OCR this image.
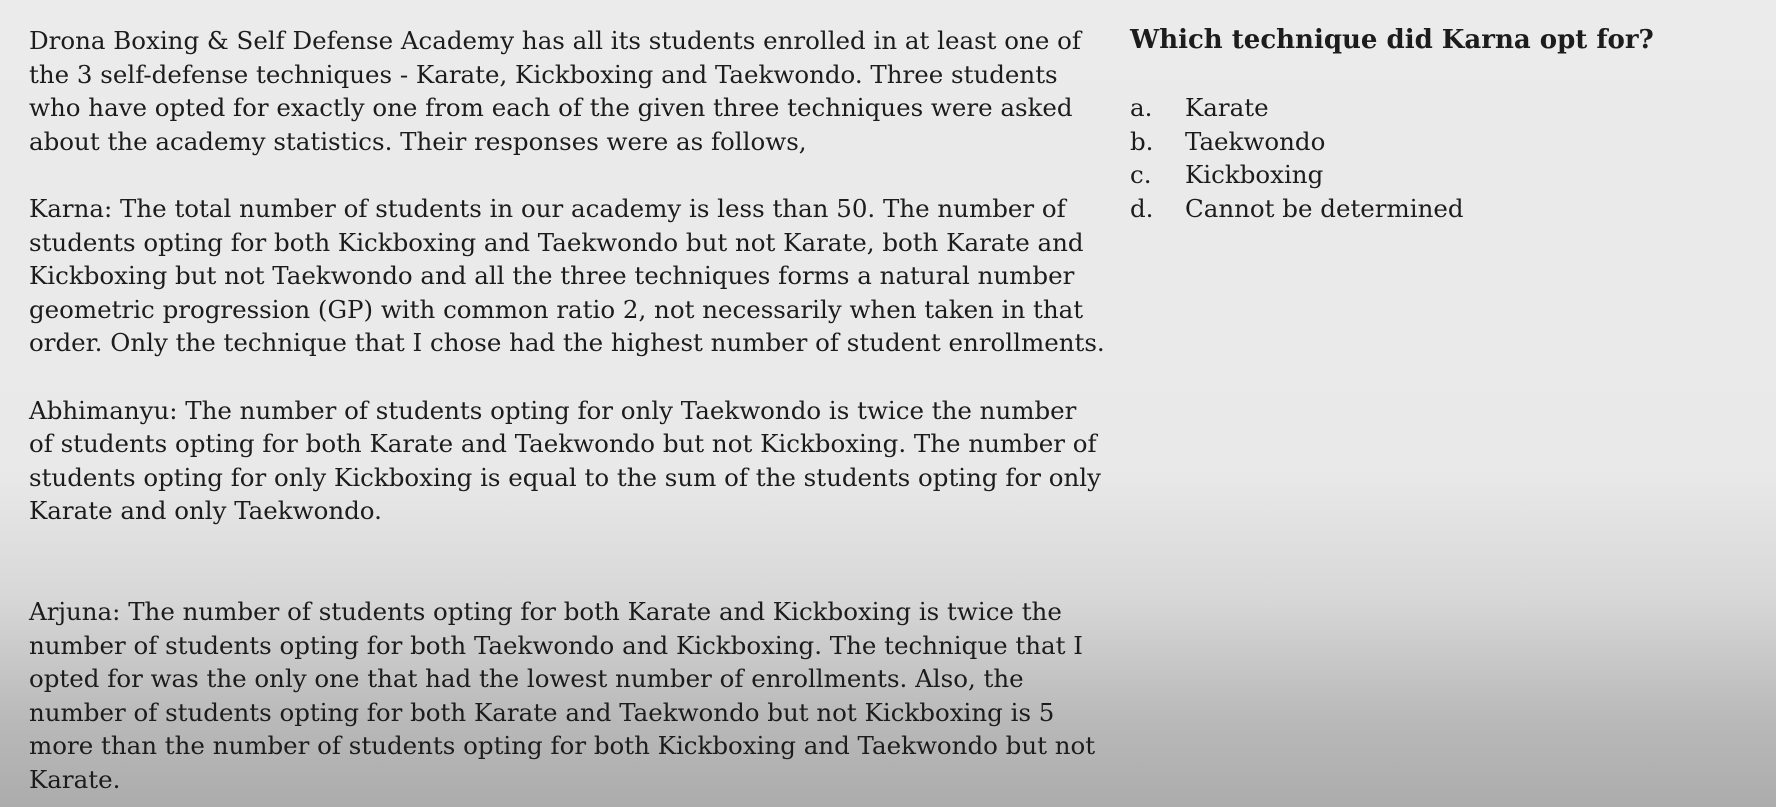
Drona Boxing & Self Defense Academy has all its students enrolled in at least one of
the 3 self-defense techniques - Karate, Kickboxing and Taekwondo. Three students
who have opted for exactly one from each of the given three techniques were asked
about the academy statistics. Their responses were as follows,

Karna: The total number of students in our academy is less than 50. The number of
students opting for both Kickboxing and Taekwondo but not Karate, both Karate and
Kickboxing but not Taekwondo and all the three techniques forms a natural number
geometric progression (GP) with common ratio 2, not necessarily when taken in that
order. Only the technique that I chose had the highest number of student enrollments.

Abhimanyu: The number of students opting for only Taekwondo is twice the number
of students opting for both Karate and Taekwondo but not Kickboxing. The number of
students opting for only Kickboxing is equal to the sum of the students opting for only
Karate and only Taekwondo.

Arjuna: The number of students opting for both Karate and Kickboxing is twice the
number of students opting for both Taekwondo and Kickboxing. The technique that I
opted for was the only one that had the lowest number of enrollments. Also, the
number of students opting for both Karate and Taekwondo but not Kickboxing is 5
more than the number of students opting for both Kickboxing and Taekwondo but not
Karate.

Which technique did Karna opt for?
a.	Karate
b.	Taekwondo
c.	Kickboxing
d.	Cannot be determined
